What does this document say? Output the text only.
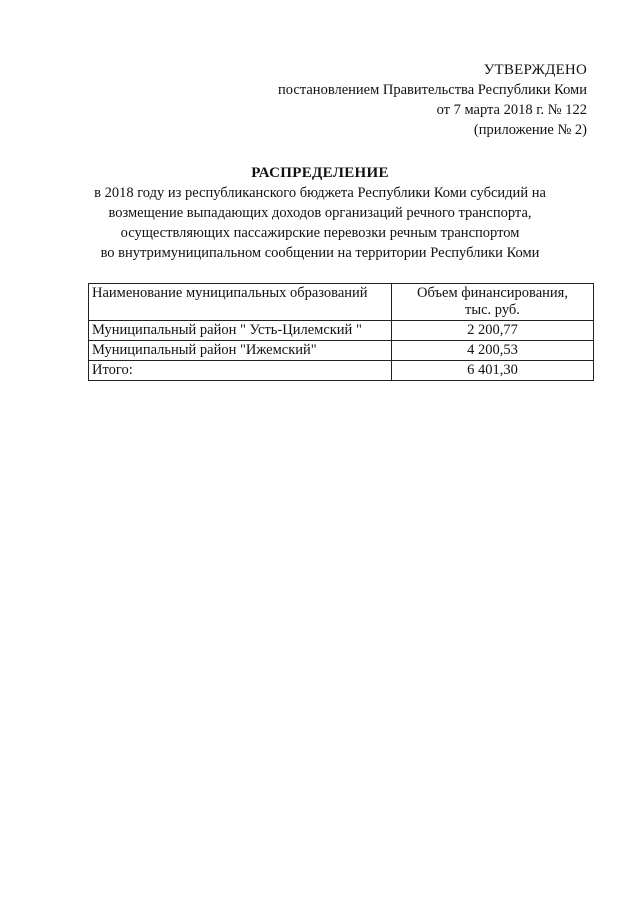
УТВЕРЖДЕНО
постановлением Правительства Республики Коми
от 7 марта 2018 г. № 122
(приложение № 2)
РАСПРЕДЕЛЕНИЕ
в 2018 году из республиканского бюджета Республики Коми субсидий на
возмещение выпадающих доходов организаций речного транспорта,
осуществляющих пассажирские перевозки речным транспортом
во внутримуниципальном сообщении на территории Республики Коми
Наименование муниципальных образований	Объем финансирования,
тыс. руб.

Муниципальный район " Усть-Цилемский "	2 200,77
Муниципальный район "Ижемский"	4 200,53
Итого:	6 401,30
